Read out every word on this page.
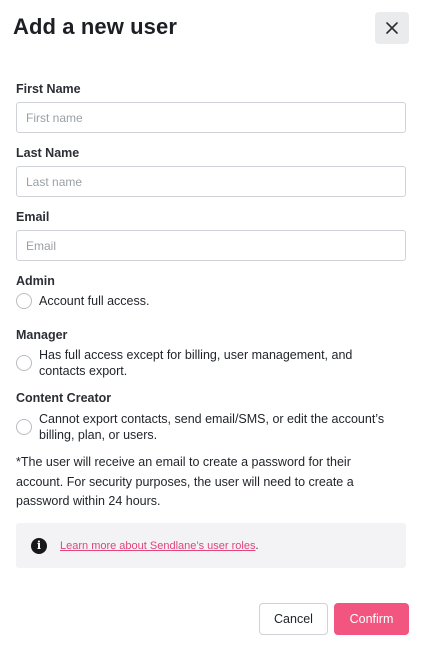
Add a new user
First Name
First name
Last Name
Last name
Email
Email
Admin
Account full access.
Manager
Has full access except for billing, user management, and contacts export.
Content Creator
Cannot export contacts, send email/SMS, or edit the account’s billing, plan, or users.

*The user will receive an email to create a password for their account. For security purposes, the user will need to create a password within 24 hours.

i	Learn more about Sendlane’s user roles .
Cancel	Confirm
